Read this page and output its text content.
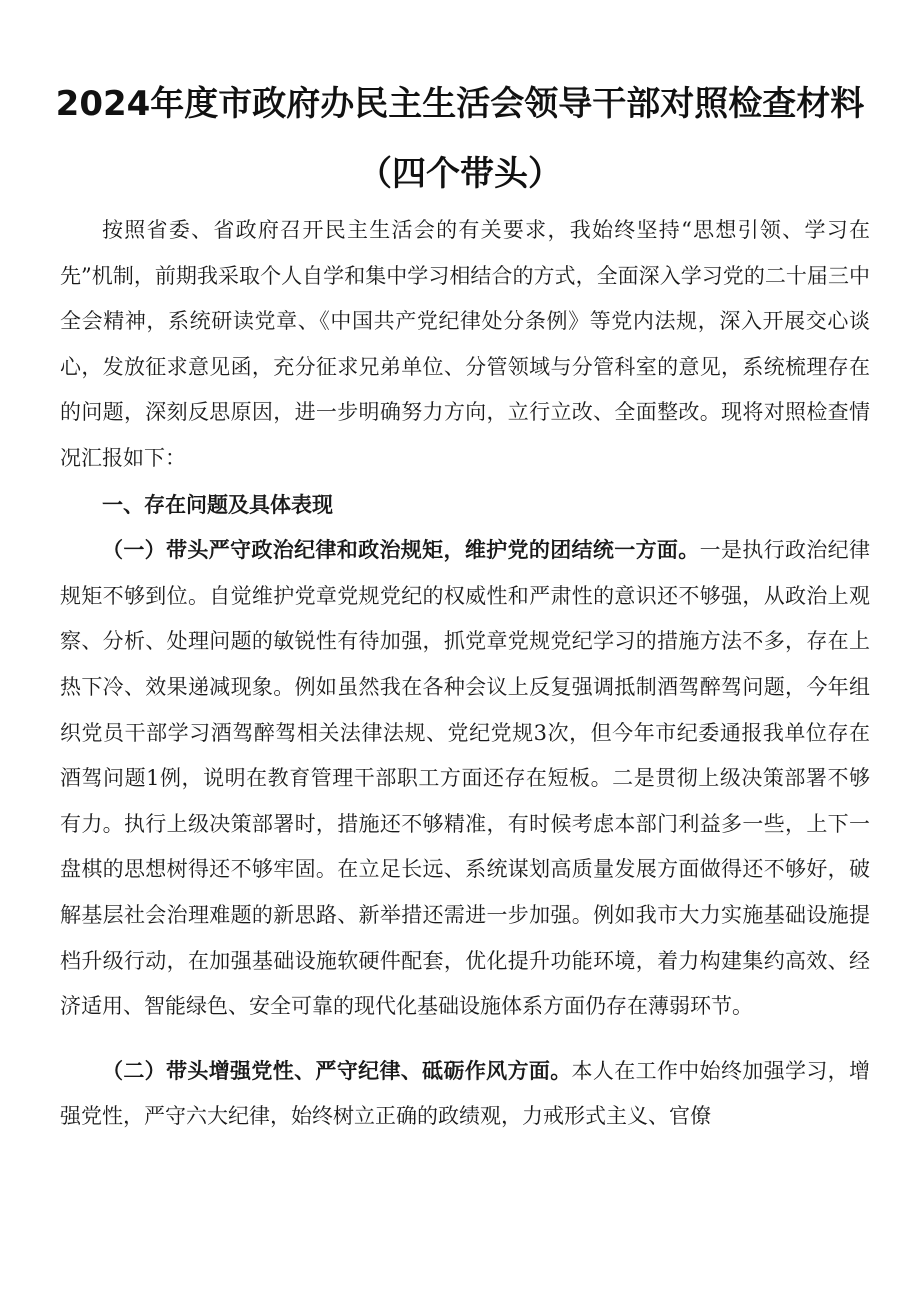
2024年度市政府办民主生活会领导干部对照检查材料
（四个带头）

按照省委、省政府召开民主生活会的有关要求，我始终坚持“思想引领、学习在先”机制，前期我采取个人自学和集中学习相结合的方式，全面深入学习党的二十届三中全会精神，系统研读党章、《中国共产党纪律处分条例》等党内法规，深入开展交心谈心，发放征求意见函，充分征求兄弟单位、分管领域与分管科室的意见，系统梳理存在的问题，深刻反思原因，进一步明确努力方向，立行立改、全面整改。现将对照检查情况汇报如下：

一、存在问题及具体表现

（一）带头严守政治纪律和政治规矩，维护党的团结统一方面。一是执行政治纪律规矩不够到位。自觉维护党章党规党纪的权威性和严肃性的意识还不够强，从政治上观察、分析、处理问题的敏锐性有待加强，抓党章党规党纪学习的措施方法不多，存在上热下冷、效果递减现象。例如虽然我在各种会议上反复强调抵制酒驾醉驾问题，今年组织党员干部学习酒驾醉驾相关法律法规、党纪党规3次，但今年市纪委通报我单位存在酒驾问题1例，说明在教育管理干部职工方面还存在短板。二是贯彻上级决策部署不够有力。执行上级决策部署时，措施还不够精准，有时候考虑本部门利益多一些，上下一盘棋的思想树得还不够牢固。在立足长远、系统谋划高质量发展方面做得还不够好，破解基层社会治理难题的新思路、新举措还需进一步加强。例如我市大力实施基础设施提档升级行动，在加强基础设施软硬件配套，优化提升功能环境，着力构建集约高效、经济适用、智能绿色、安全可靠的现代化基础设施体系方面仍存在薄弱环节。

（二）带头增强党性、严守纪律、砥砺作风方面。本人在工作中始终加强学习，增强党性，严守六大纪律，始终树立正确的政绩观，力戒形式主义、官僚
